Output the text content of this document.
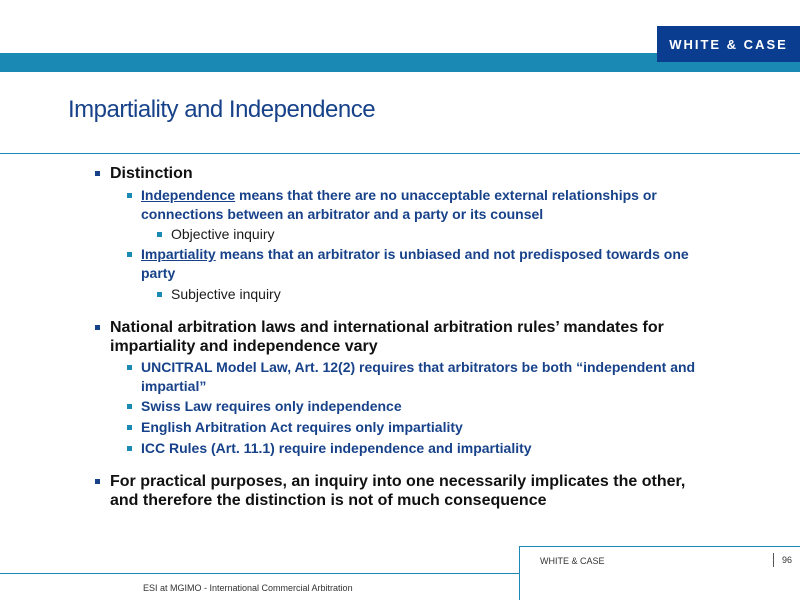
WHITE & CASE
Impartiality and Independence

Distinction

Independence means that there are no unacceptable external relationships or connections between an arbitrator and a party or its counsel

Objective inquiry

Impartiality means that an arbitrator is unbiased and not predisposed towards one party

Subjective inquiry

National arbitration laws and international arbitration rules’ mandates for impartiality and independence vary

UNCITRAL Model Law, Art. 12(2) requires that arbitrators be both “independent and impartial”

Swiss Law requires only independence

English Arbitration Act requires only impartiality

ICC Rules (Art. 11.1) require independence and impartiality

For practical purposes, an inquiry into one necessarily implicates the other, and therefore the distinction is not of much consequence

WHITE & CASE	96
ESI at MGIMO - International Commercial Arbitration
